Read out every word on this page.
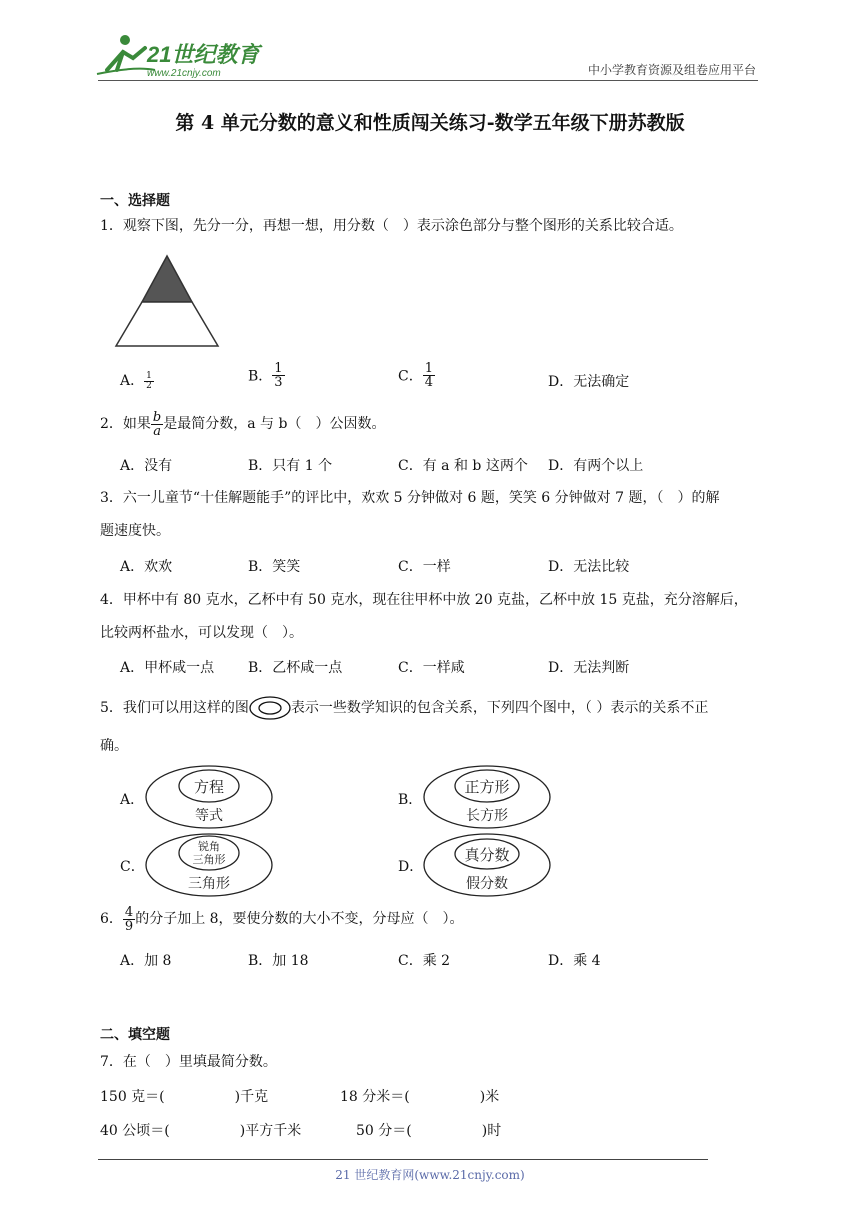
21世纪教育
www.21cnjy.com	中小学教育资源及组卷应用平台
第 4 单元分数的意义和性质闯关练习-数学五年级下册苏教版
一、选择题
1．观察下图，先分一分，再想一想，用分数（　）表示涂色部分与整个图形的关系比较合适。
A． $\frac{1}{2}$	B． $\frac{1}{3}$	C． $\frac{1}{4}$	D．无法确定
2．如果 $\frac{b}{a}$ 是最简分数，a 与 b（　）公因数。
A．没有	B．只有 1 个	C．有 a 和 b 这两个 D．有两个以上
3．六一儿童节“十佳解题能手”的评比中，欢欢 5 分钟做对 6 题，笑笑 6 分钟做对 7 题，（　）的解
题速度快。
A．欢欢	B．笑笑	C．一样	D．无法比较
4．甲杯中有 80 克水，乙杯中有 50 克水，现在往甲杯中放 20 克盐，乙杯中放 15 克盐，充分溶解后，
比较两杯盐水，可以发现（　）。
A．甲杯咸一点 B．乙杯咸一点	C．一样咸	D．无法判断
5．我们可以用这样的图	表示一些数学知识的包含关系，下列四个图中，（ ）表示的关系不正
确。
A．
方程
等式
B．
正方形
长方形
C．
锐角
三角形
三角形
D．
真分数
假分数
6． $\frac{4}{9}$ 的分子加上 8，要使分数的大小不变，分母应（　）。
A．加 8	B．加 18	C．乘 2	D．乘 4
二、填空题
7．在（　）里填最简分数。
150 克＝(　　　　　)千克	18 分米＝(　　　　　)米
40 公顷＝(　　　　　)平方千米	50 分＝(　　　　　)时
21 世纪教育网(www.21cnjy.com)
